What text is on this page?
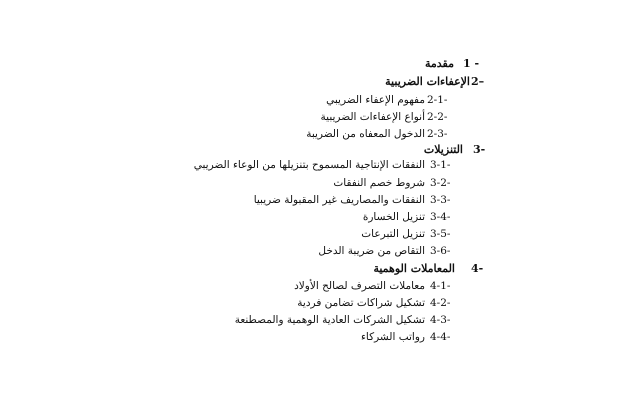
1 -
مقدمة
2–
الإعفاءات الضريبية
2-1-
مفهوم الإعفاء الضريبي
2-2-
أنواع الإعفاءات الضريبية
2-3-
الدخول المعفاه من الضريبة
3-
التنزيلات
3-1-
النفقات الإنتاجية المسموح بتنزيلها من الوعاء الضريبي
3-2-
شروط خصم النفقات
3-3-
النفقات والمصاريف غير المقبولة ضريبيا
3-4-
تنزيل الخسارة
3-5-
تنزيل التبرعات
3-6-
التقاص من ضريبة الدخل
4-
المعاملات الوهمية
4-1-
معاملات التصرف لصالح الأولاد
4-2-
تشكيل شراكات تضامن فردية
4-3-
تشكيل الشركات العادية الوهمية والمصطنعة
4-4-
رواتب الشركاء
